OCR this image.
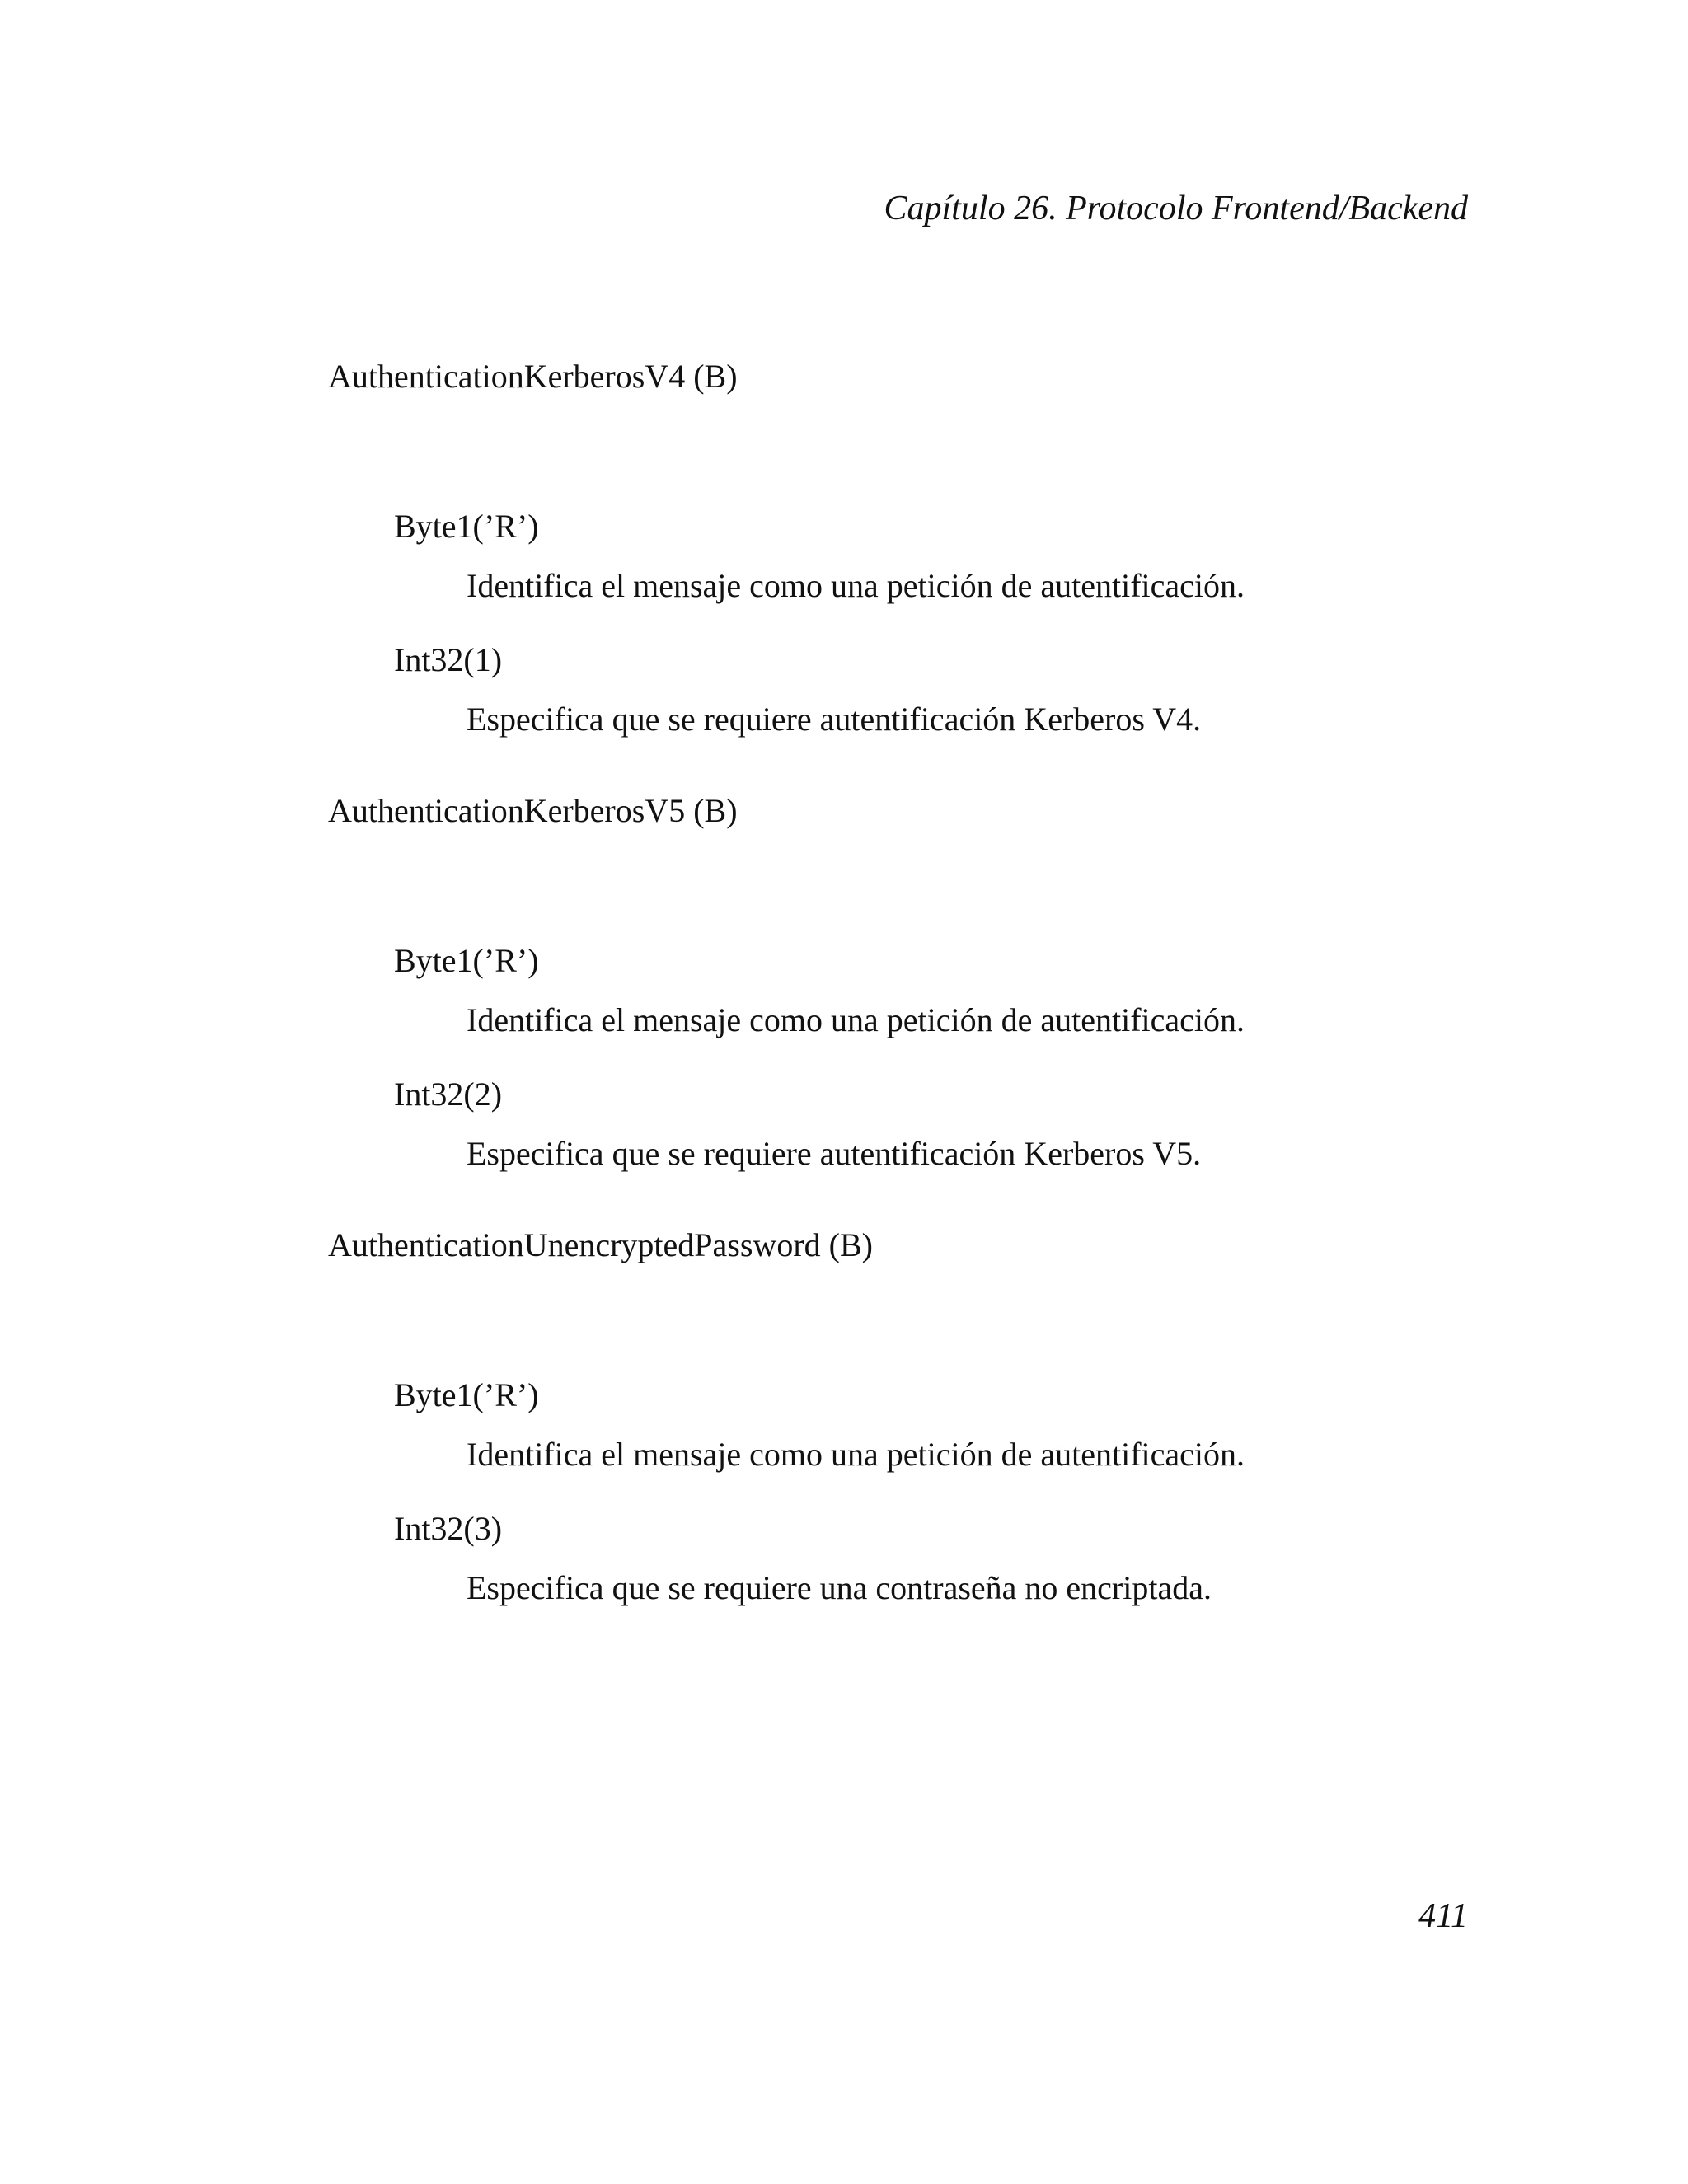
Capítulo 26. Protocolo Frontend/Backend
AuthenticationKerberosV4 (B)
Byte1(’R’)
Identifica el mensaje como una petición de autentificación.
Int32(1)
Especifica que se requiere autentificación Kerberos V4.
AuthenticationKerberosV5 (B)
Byte1(’R’)
Identifica el mensaje como una petición de autentificación.
Int32(2)
Especifica que se requiere autentificación Kerberos V5.
AuthenticationUnencryptedPassword (B)
Byte1(’R’)
Identifica el mensaje como una petición de autentificación.
Int32(3)
Especifica que se requiere una contraseña no encriptada.
411
